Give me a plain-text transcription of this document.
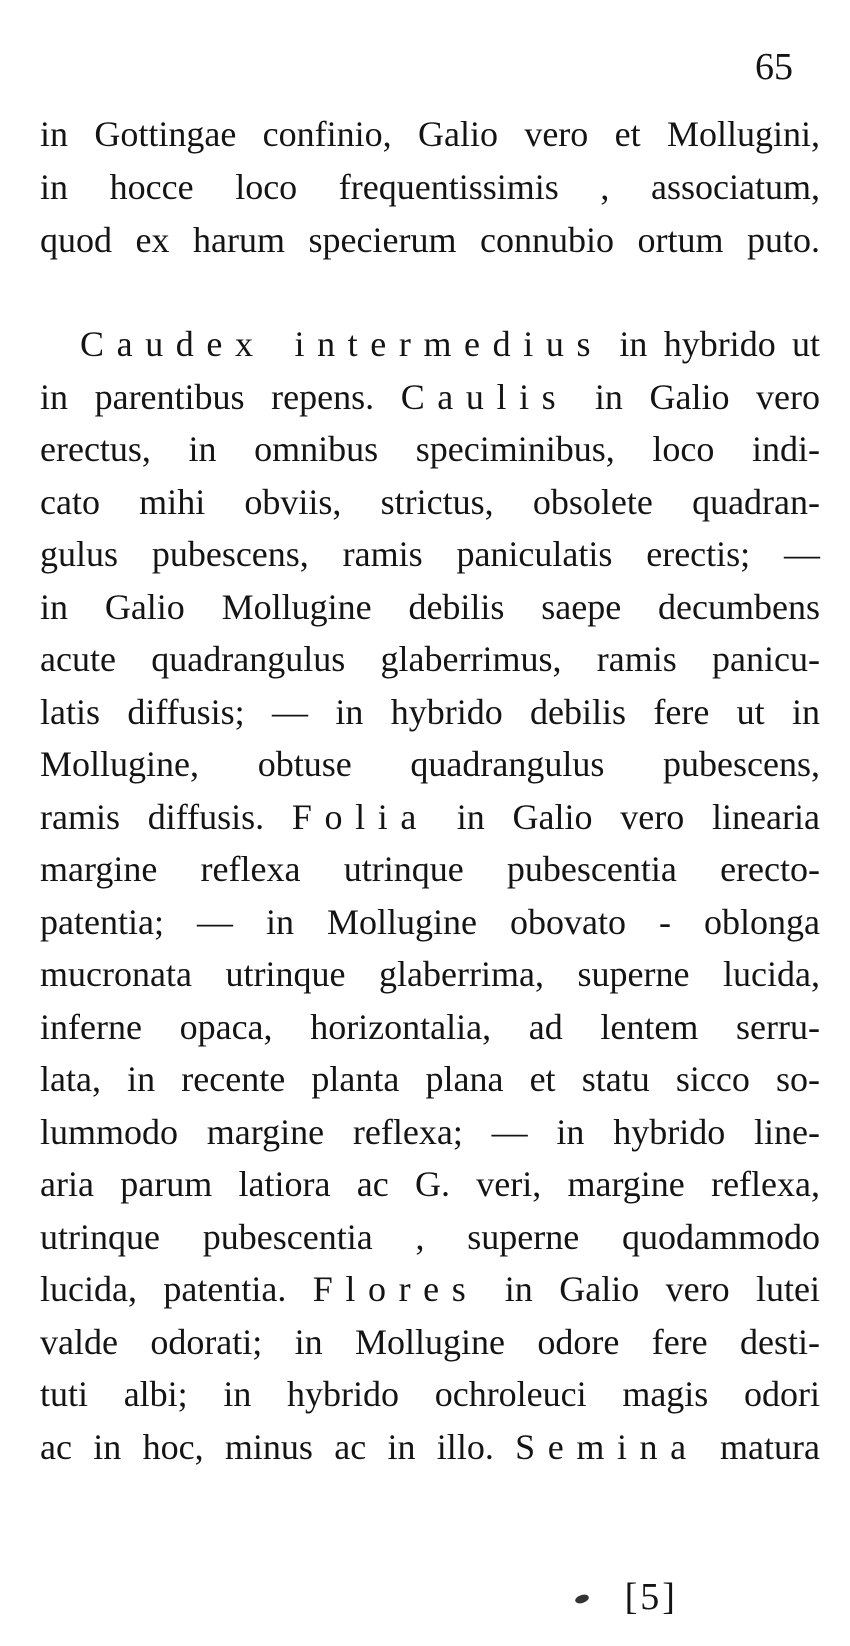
65
in Gottingae confinio, Galio vero et Mollugini,
in hocce loco frequentissimis , associatum,
quod ex harum specierum connubio ortum puto.
Caudex intermedius in hybrido ut
in parentibus repens. Caulis in Galio vero
erectus, in omnibus speciminibus, loco indi-
cato mihi obviis, strictus, obsolete quadran-
gulus pubescens, ramis paniculatis erectis; —
in Galio Mollugine debilis saepe decumbens
acute quadrangulus glaberrimus, ramis panicu-
latis diffusis; — in hybrido debilis fere ut in
Mollugine, obtuse quadrangulus pubescens,
ramis diffusis. Folia in Galio vero linearia
margine reflexa utrinque pubescentia erecto-
patentia; — in Mollugine obovato - oblonga
mucronata utrinque glaberrima, superne lucida,
inferne opaca, horizontalia, ad lentem serru-
lata, in recente planta plana et statu sicco so-
lummodo margine reflexa; — in hybrido line-
aria parum latiora ac G. veri, margine reflexa,
utrinque pubescentia , superne quodammodo
lucida, patentia. Flores in Galio vero lutei
valde odorati; in Mollugine odore fere desti-
tuti albi; in hybrido ochroleuci magis odori
ac in hoc, minus ac in illo. Semina matura
[5]
